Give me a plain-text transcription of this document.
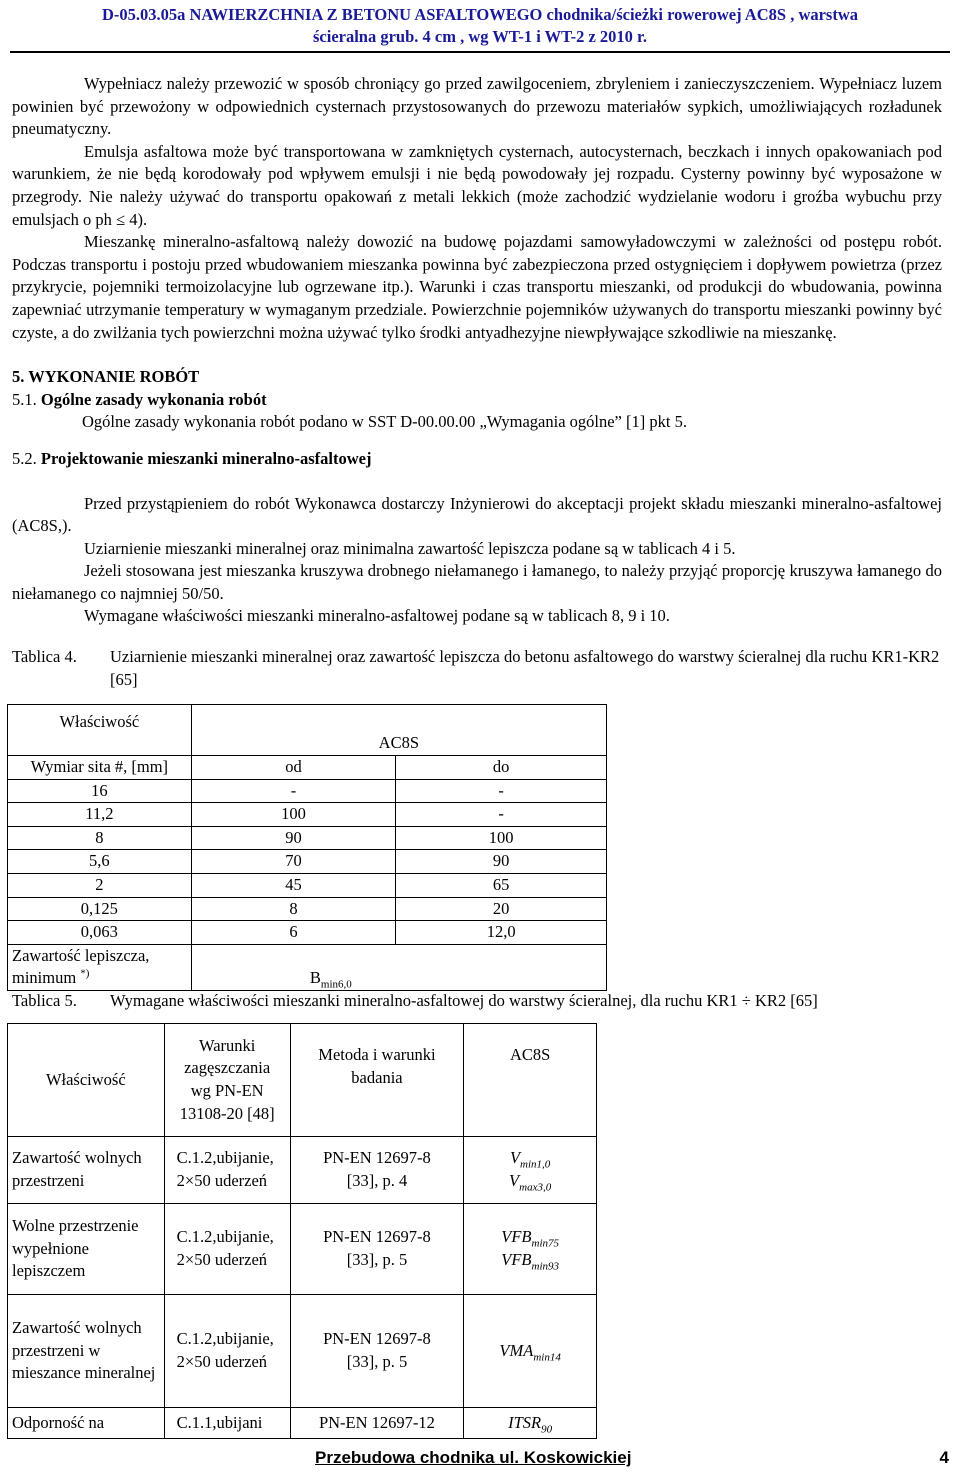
D-05.03.05a NAWIERZCHNIA Z BETONU ASFALTOWEGO chodnika/ścieżki rowerowej AC8S , warstwa
ścieralna grub. 4 cm , wg WT-1 i WT-2 z 2010 r.

Wypełniacz należy przewozić w sposób chroniący go przed zawilgoceniem, zbryleniem i zanieczyszczeniem. Wypełniacz luzem powinien być przewożony w odpowiednich cysternach przystosowanych do przewozu materiałów sypkich, umożliwiających rozładunek pneumatyczny.

Emulsja asfaltowa może być transportowana w zamkniętych cysternach, autocysternach, beczkach i innych opakowaniach pod warunkiem, że nie będą korodowały pod wpływem emulsji i nie będą powodowały jej rozpadu. Cysterny powinny być wyposażone w przegrody. Nie należy używać do transportu opakowań z metali lekkich (może zachodzić wydzielanie wodoru i groźba wybuchu przy emulsjach o ph ≤ 4).

Mieszankę mineralno-asfaltową należy dowozić na budowę pojazdami samowyładowczymi w zależności od postępu robót. Podczas transportu i postoju przed wbudowaniem mieszanka powinna być zabezpieczona przed ostygnięciem i dopływem powietrza (przez przykrycie, pojemniki termoizolacyjne lub ogrzewane itp.). Warunki i czas transportu mieszanki, od produkcji do wbudowania, powinna zapewniać utrzymanie temperatury w wymaganym przedziale. Powierzchnie pojemników używanych do transportu mieszanki powinny być czyste, a do zwilżania tych powierzchni można używać tylko środki antyadhezyjne niewpływające szkodliwie na mieszankę.

5. WYKONANIE ROBÓT

5.1. Ogólne zasady wykonania robót

Ogólne zasady wykonania robót podano w SST D-00.00.00 „Wymagania ogólne” [1] pkt 5.

5.2. Projektowanie mieszanki mineralno-asfaltowej

Przed przystąpieniem do robót Wykonawca dostarczy Inżynierowi do akceptacji projekt składu mieszanki mineralno-asfaltowej (AC8S,).

Uziarnienie mieszanki mineralnej oraz minimalna zawartość lepiszcza podane są w tablicach 4 i 5.

Jeżeli stosowana jest mieszanka kruszywa drobnego niełamanego i łamanego, to należy przyjąć proporcję kruszywa łamanego do niełamanego co najmniej 50/50.

Wymagane właściwości mieszanki mineralno-asfaltowej podane są w tablicach 8, 9 i 10.

Tablica 4. Uziarnienie mieszanki mineralnej oraz zawartość lepiszcza do betonu asfaltowego do warstwy ścieralnej dla ruchu KR1-KR2 [65]
Właściwość	AC8S	
Wymiar sita #, [mm]	od	do
16	-	-
11,2	100	-
8	90	100
5,6	70	90
2	45	65
0,125	8	20
0,063	6	12,0
Zawartość lepiszcza,
minimum *)	$B_{min6,0}$
Tablica 5. Wymagane właściwości mieszanki mineralno-asfaltowej do warstwy ścieralnej, dla ruchu KR1 ÷ KR2 [65]
Właściwość	Warunki zagęszczania wg PN-EN 13108-20 [48]	Metoda i warunki badania	AC8S
Zawartość wolnych przestrzeni	C.1.2,ubijanie, 2×50 uderzeń	PN-EN 12697-8 [33], p. 4	$V_{min1,0}$
$V_{max3,0}$
Wolne przestrzenie wypełnione lepiszczem	C.1.2,ubijanie, 2×50 uderzeń	PN-EN 12697-8 [33], p. 5	$VFB_{min75}$
$VFB_{min93}$
Zawartość wolnych przestrzeni w mieszance mineralnej	C.1.2,ubijanie, 2×50 uderzeń	PN-EN 12697-8 [33], p. 5	$VMA_{min14}$
Odporność na	C.1.1,ubijani	PN-EN 12697-12	$ITSR_{90}$
Przebudowa chodnika ul. Koskowickiej	4
